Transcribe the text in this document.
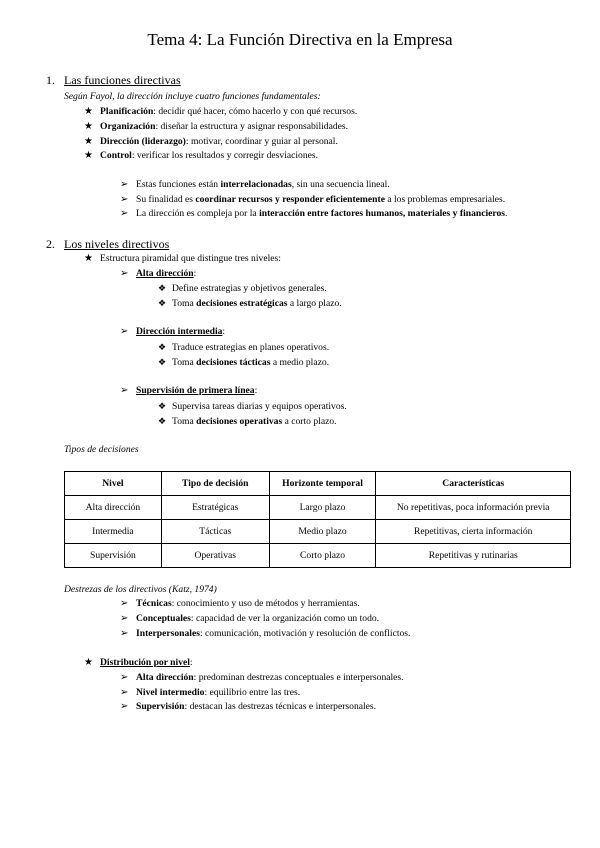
Tema 4: La Función Directiva en la Empresa
1. Las funciones directivas
Según Fayol, la dirección incluye cuatro funciones fundamentales:
★ Planificación: decidir qué hacer, cómo hacerlo y con qué recursos.
★ Organización: diseñar la estructura y asignar responsabilidades.
★ Dirección (liderazgo): motivar, coordinar y guiar al personal.
★ Control: verificar los resultados y corregir desviaciones.
➢ Estas funciones están interrelacionadas, sin una secuencia lineal.
➢ Su finalidad es coordinar recursos y responder eficientemente a los problemas empresariales.
➢ La dirección es compleja por la interacción entre factores humanos, materiales y financieros.
2. Los niveles directivos
★ Estructura piramidal que distingue tres niveles:
➢ Alta dirección:
❖ Define estrategias y objetivos generales.
❖ Toma decisiones estratégicas a largo plazo.
➢ Dirección intermedia:
❖ Traduce estrategias en planes operativos.
❖ Toma decisiones tácticas a medio plazo.
➢ Supervisión de primera línea:
❖ Supervisa tareas diarias y equipos operativos.
❖ Toma decisiones operativas a corto plazo.
Tipos de decisiones
Nivel	Tipo de decisión	Horizonte temporal	Características
Alta dirección	Estratégicas	Largo plazo	No repetitivas, poca información previa
Intermedia	Tácticas	Medio plazo	Repetitivas, cierta información
Supervisión	Operativas	Corto plazo	Repetitivas y rutinarias
Destrezas de los directivos (Katz, 1974)
➢ Técnicas: conocimiento y uso de métodos y herramientas.
➢ Conceptuales: capacidad de ver la organización como un todo.
➢ Interpersonales: comunicación, motivación y resolución de conflictos.
★ Distribución por nivel:
➢ Alta dirección: predominan destrezas conceptuales e interpersonales.
➢ Nivel intermedio: equilibrio entre las tres.
➢ Supervisión: destacan las destrezas técnicas e interpersonales.
